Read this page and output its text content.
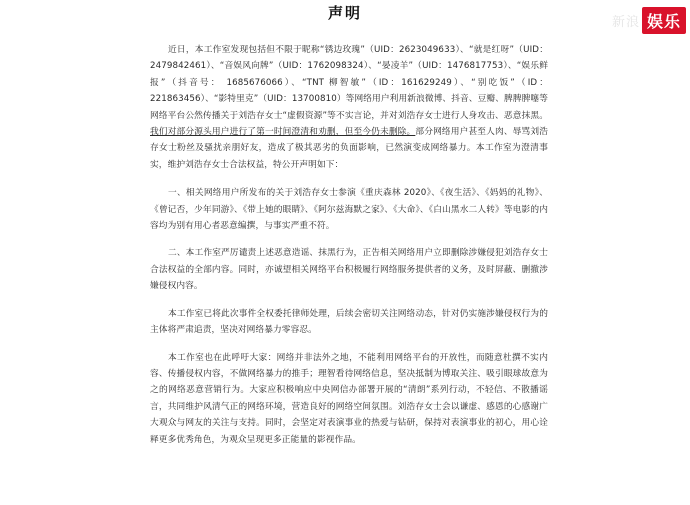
声明	新浪 娱乐

近日，本工作室发现包括但不限于昵称“锈边玫瑰”（UID：2623049633）、“就是红呀”（UID：2479842461）、“音娱风向牌”（UID：1762098324）、“晏凌羊”（UID：1476817753）、“娱乐鲜报”（抖音号： 1685676066）、“TNT 柳智敏”（ID：161629249）、“别吃饭”（ID：221863456）、“影特里克”（UID：13700810）等网络用户利用新浪微博、抖音、豆瓣、脾脾脾噻等网络平台公然传播关于刘浩存女士“虚假资源”等不实言论，并对刘浩存女士进行人身攻击、恶意抹黑。我们对部分源头用户进行了第一时间澄清和劝删，但至今仍未删除。部分网络用户甚至人肉、辱骂刘浩存女士粉丝及骚扰亲朋好友，造成了极其恶劣的负面影响，已然演变成网络暴力。本工作室为澄清事实，维护刘浩存女士合法权益，特公开声明如下：

一、相关网络用户所发布的关于刘浩存女士参演《重庆森林 2020》、《夜生活》、《妈妈的礼物》、《曾记否，少年同游》、《带上她的眼睛》、《阿尔兹海默之家》、《大命》、《白山黑水二人转》等电影的内容均为别有用心者恶意编撰，与事实严重不符。

二、本工作室严厉谴责上述恶意造谣、抹黑行为，正告相关网络用户立即删除涉嫌侵犯刘浩存女士合法权益的全部内容。同时，亦诚望相关网络平台积极履行网络服务提供者的义务，及时屏蔽、删撤涉嫌侵权内容。

本工作室已将此次事件全权委托律师处理，后续会密切关注网络动态，针对仍实施涉嫌侵权行为的主体将严肃追责，坚决对网络暴力零容忍。

本工作室也在此呼吁大家：网络并非法外之地，不能利用网络平台的开放性，而随意杜撰不实内容、传播侵权内容，不做网络暴力的推手；理智看待网络信息，坚决抵制为博取关注、吸引眼球故意为之的网络恶意营销行为。大家应积极响应中央网信办部署开展的“清朗”系列行动，不轻信、不散播谣言，共同维护风清气正的网络环境，营造良好的网络空间氛围。刘浩存女士会以谦虚、感恩的心感谢广大观众与网友的关注与支持。同时，会坚定对表演事业的热爱与钻研，保持对表演事业的初心，用心诠释更多优秀角色，为观众呈现更多正能量的影视作品。
